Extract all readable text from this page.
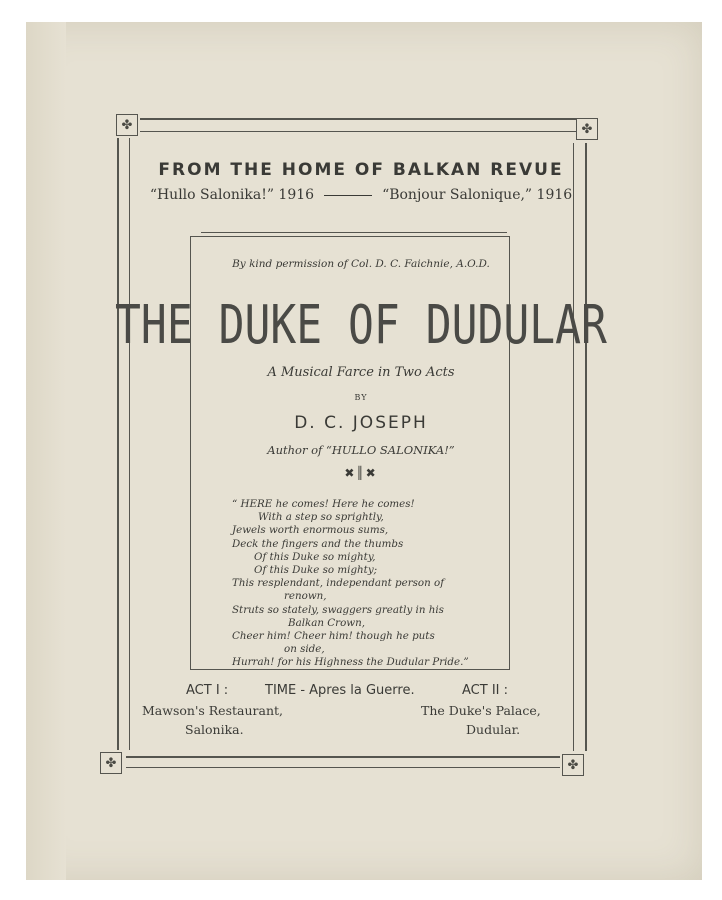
✤	✤
✤	✤
FROM THE HOME OF BALKAN REVUE
“Hullo Salonika!” 1916	“Bonjour Salonique,” 1916
By kind permission of Col. D. C. Faichnie, A.O.D.
THE DUKE OF DUDULAR
A Musical Farce in Two Acts
BY
D. C. JOSEPH
Author of “HULLO SALONIKA!”
✖║✖
“ HERE he comes! Here he comes!
With a step so sprightly,
Jewels worth enormous sums,
Deck the fingers and the thumbs
Of this Duke so mighty,
Of this Duke so mighty;
This resplendant, independant person of
renown,
Struts so stately, swaggers greatly in his
Balkan Crown,
Cheer him! Cheer him! though he puts
on side,
Hurrah! for his Highness the Dudular Pride.”
ACT I :	TIME - Apres la Guerre.	ACT II :
Mawson's Restaurant,
Salonika.
The Duke's Palace,
Dudular.
